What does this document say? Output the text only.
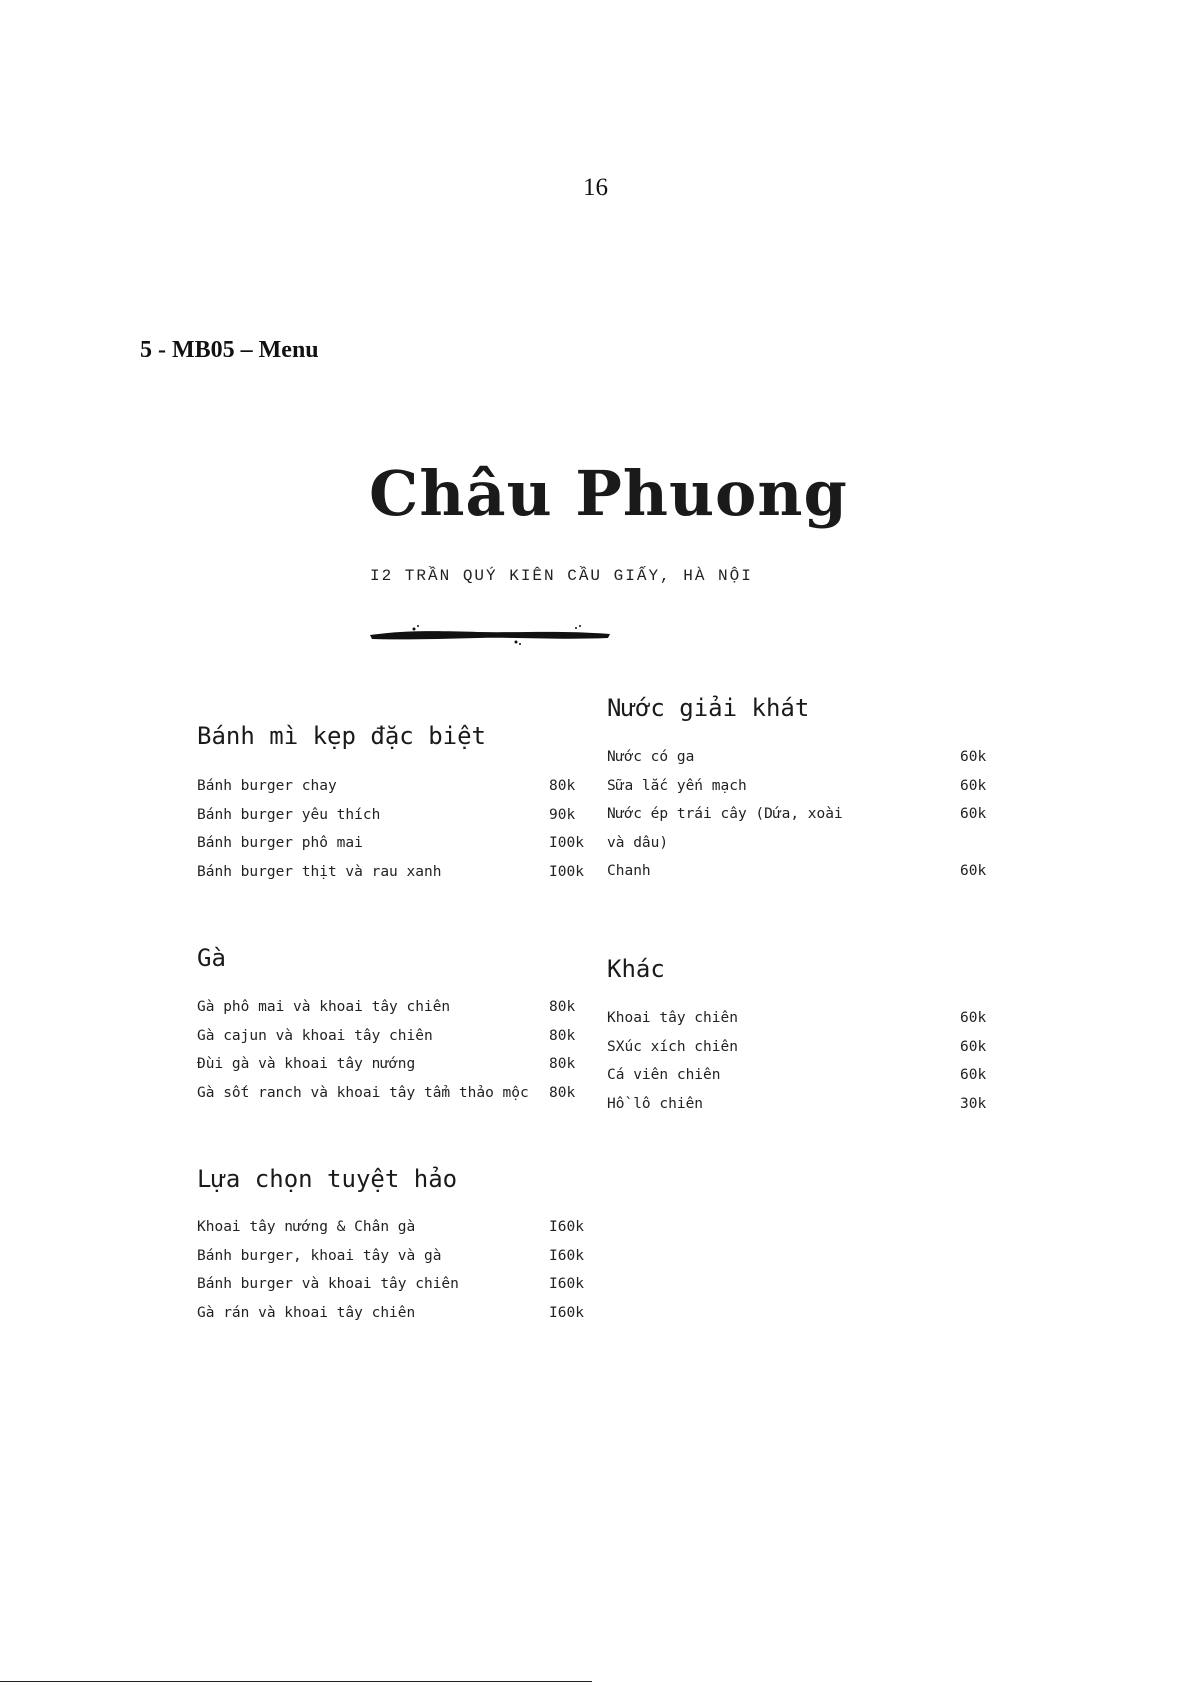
16
5 - MB05 – Menu
Châu Phuong
I2 TRẦN QUÝ KIÊN CẦU GIẤY, HÀ NỘI
Bánh mì kẹp đặc biệt
Bánh burger chay	80k
Bánh burger yêu thích	90k
Bánh burger phô mai	I00k
Bánh burger thịt và rau xanh	I00k
Gà
Gà phô mai và khoai tây chiên	80k
Gà cajun và khoai tây chiên	80k
Đùi gà và khoai tây nướng	80k
Gà sốt ranch và khoai tây tẩm thảo mộc 80k
Lựa chọn tuyệt hảo
Khoai tây nướng & Chân gà	I60k
Bánh burger, khoai tây và gà	I60k
Bánh burger và khoai tây chiên	I60k
Gà rán và khoai tây chiên	I60k
Nước giải khát
Nước có ga	60k
Sữa lắc yến mạch	60k
Nước ép trái cây (Dứa, xoài	60k
và dâu)
Chanh	60k
Khác
Khoai tây chiên	60k
SXúc xích chiên	60k
Cá viên chiên	60k
Hồ lô chiên	30k
